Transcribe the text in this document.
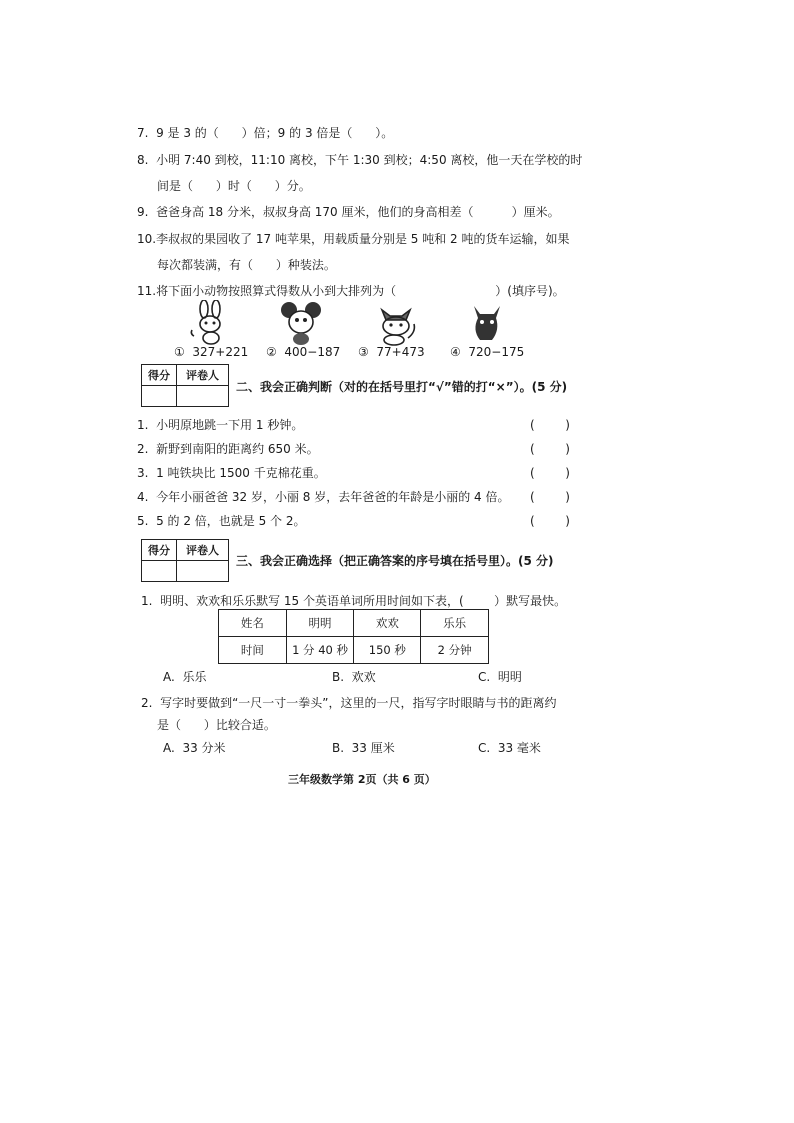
7.  9 是 3 的（      ）倍；9 的 3 倍是（      ）。
8.  小明 7:40 到校，11:10 离校，下午 1:30 到校；4:50 离校，他一天在学校的时
间是（      ）时（      ）分。
9.  爸爸身高 18 分米，叔叔身高 170 厘米，他们的身高相差（          ）厘米。
10.李叔叔的果园收了 17 吨苹果，用载质量分别是 5 吨和 2 吨的货车运输，如果
每次都装满，有（      ）种装法。
11.将下面小动物按照算式得数从小到大排列为（                          ）(填序号)。
①  327+221 ②  400−187 ③  77+473 ④  720−175
得分	评卷人

二、我会正确判断（对的在括号里打“√”错的打“×”）。(5 分)
1.  小明原地跳一下用 1 秒钟。
2.  新野到南阳的距离约 650 米。
3.  1 吨铁块比 1500 千克棉花重。
4.  今年小丽爸爸 32 岁，小丽 8 岁，去年爸爸的年龄是小丽的 4 倍。
5.  5 的 2 倍，也就是 5 个 2。
(        )
(        )
(        )
(        )
(        )
得分	评卷人

三、我会正确选择（把正确答案的序号填在括号里）。(5 分)
1.  明明、欢欢和乐乐默写 15 个英语单词所用时间如下表，(        ）默写最快。
姓名	明明	欢欢	乐乐
时间	1 分 40 秒	150 秒	2 分钟
A.  乐乐	B.  欢欢	C.  明明
2.  写字时要做到“一尺一寸一拳头”，这里的一尺，指写字时眼睛与书的距离约
是（      ）比较合适。
A.  33 分米	B.  33 厘米	C.  33 毫米
三年级数学第 2页（共 6 页）
